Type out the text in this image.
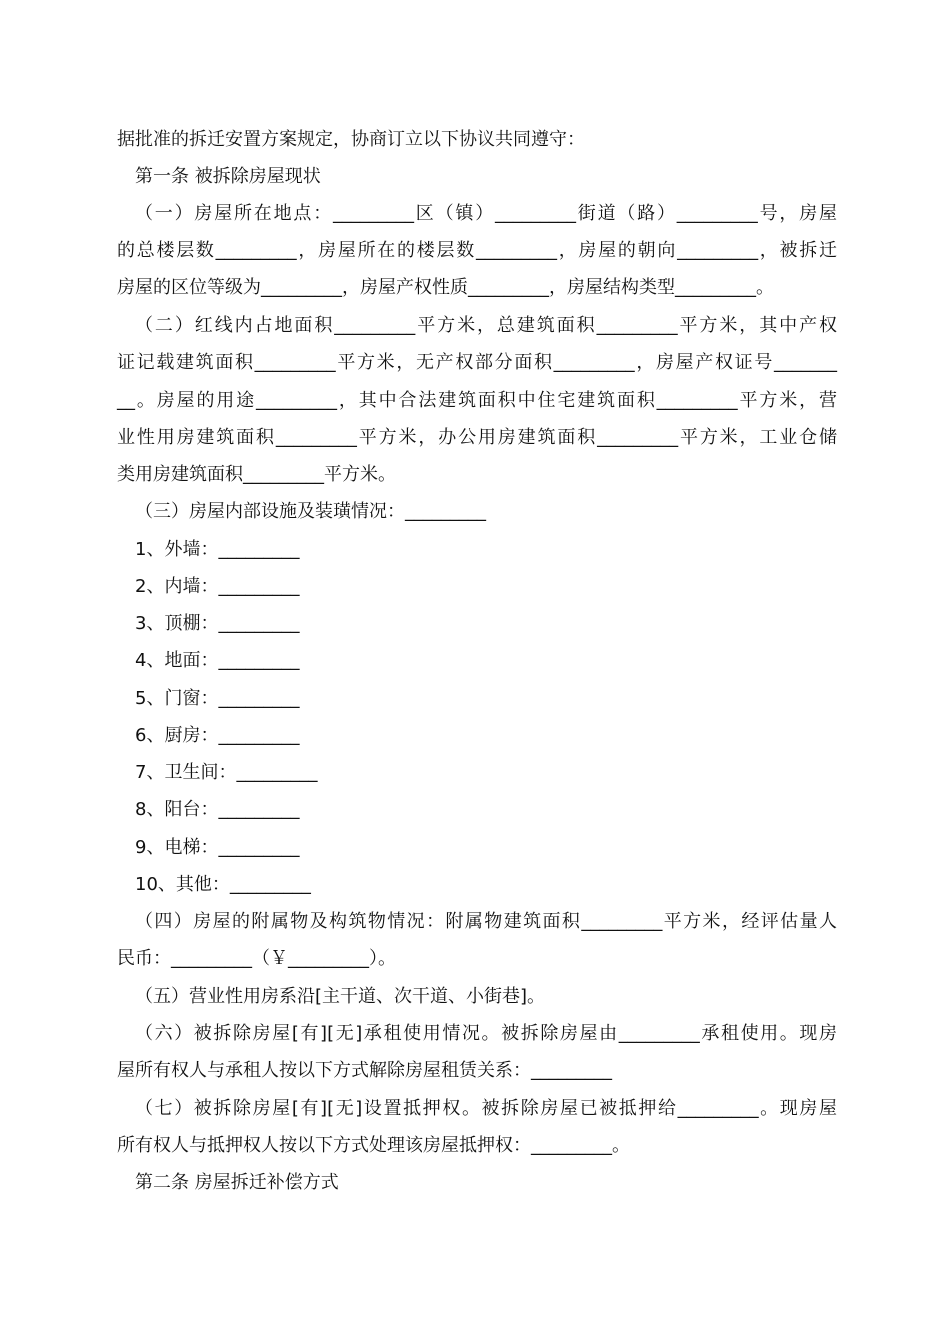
据批准的拆迁安置方案规定，协商订立以下协议共同遵守：
第一条 被拆除房屋现状
（一）房屋所在地点：_________区（镇）_________街道（路）_________号，房屋
的总楼层数_________，房屋所在的楼层数_________，房屋的朝向_________，被拆迁
房屋的区位等级为_________，房屋产权性质_________，房屋结构类型_________。
（二）红线内占地面积_________平方米，总建筑面积_________平方米，其中产权
证记载建筑面积_________平方米，无产权部分面积_________，房屋产权证号_______
__。房屋的用途_________，其中合法建筑面积中住宅建筑面积_________平方米，营
业性用房建筑面积_________平方米，办公用房建筑面积_________平方米，工业仓储
类用房建筑面积_________平方米。
（三）房屋内部设施及装璜情况：_________
1、外墙：_________
2、内墙：_________
3、顶棚：_________
4、地面：_________
5、门窗：_________
6、厨房：_________
7、卫生间：_________
8、阳台：_________
9、电梯：_________
10、其他：_________
（四）房屋的附属物及构筑物情况：附属物建筑面积_________平方米，经评估量人
民币：_________（￥_________）。
（五）营业性用房系沿[主干道、次干道、小街巷]。
（六）被拆除房屋[有][无]承租使用情况。被拆除房屋由_________承租使用。现房
屋所有权人与承租人按以下方式解除房屋租赁关系：_________
（七）被拆除房屋[有][无]设置抵押权。被拆除房屋已被抵押给_________。现房屋
所有权人与抵押权人按以下方式处理该房屋抵押权：_________。
第二条 房屋拆迁补偿方式
